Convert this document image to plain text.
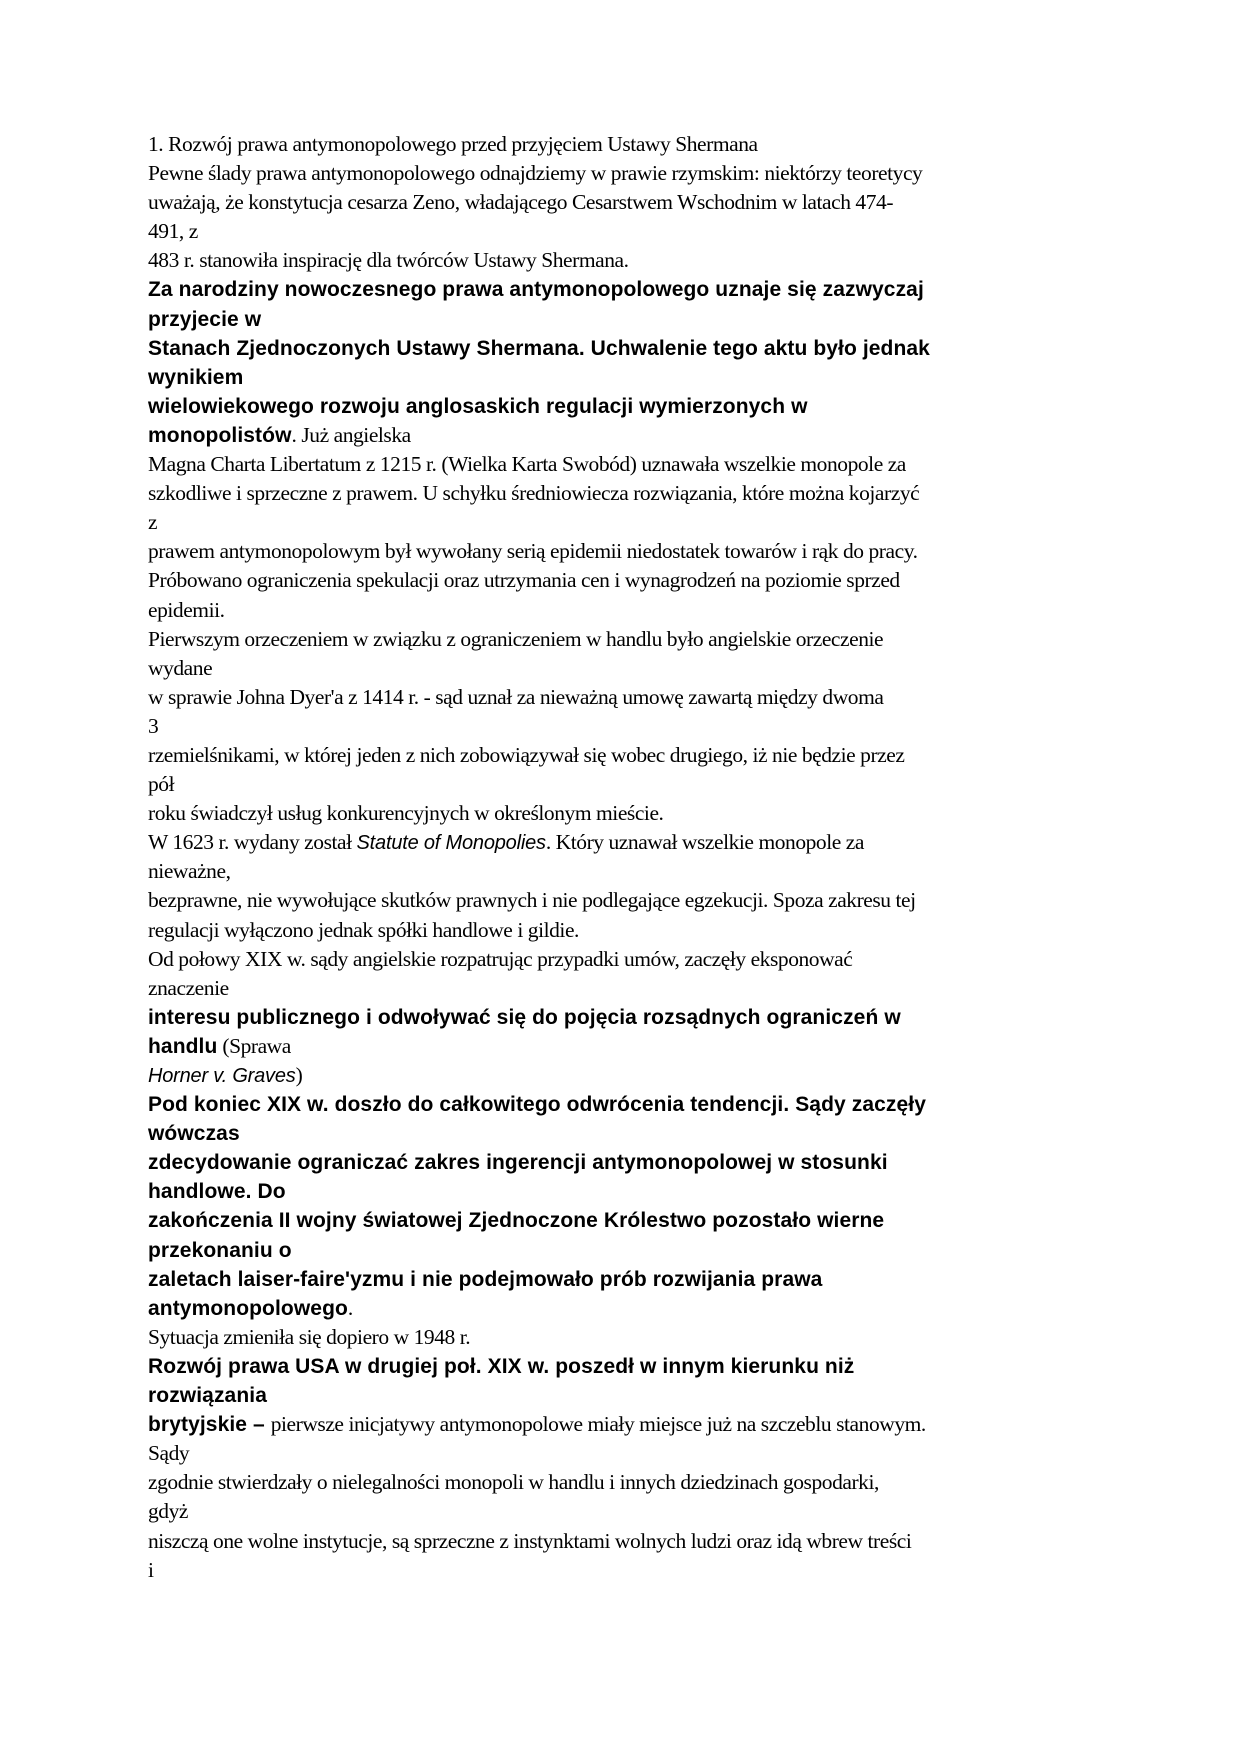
1. Rozwój prawa antymonopolowego przed przyjęciem Ustawy Shermana
Pewne ślady prawa antymonopolowego odnajdziemy w prawie rzymskim: niektórzy teoretycy
uważają, że konstytucja cesarza Zeno, władającego Cesarstwem Wschodnim w latach 474-
491, z
483 r. stanowiła inspirację dla twórców Ustawy Shermana.
Za narodziny nowoczesnego prawa antymonopolowego uznaje się zazwyczaj
przyjecie w
Stanach Zjednoczonych Ustawy Shermana. Uchwalenie tego aktu było jednak
wynikiem
wielowiekowego rozwoju anglosaskich regulacji wymierzonych w
monopolistów. Już angielska
Magna Charta Libertatum z 1215 r. (Wielka Karta Swobód) uznawała wszelkie monopole za
szkodliwe i sprzeczne z prawem. U schyłku średniowiecza rozwiązania, które można kojarzyć
z
prawem antymonopolowym był wywołany serią epidemii niedostatek towarów i rąk do pracy.
Próbowano ograniczenia spekulacji oraz utrzymania cen i wynagrodzeń na poziomie sprzed
epidemii.
Pierwszym orzeczeniem w związku z ograniczeniem w handlu było angielskie orzeczenie
wydane
w sprawie Johna Dyer'a z 1414 r. - sąd uznał za nieważną umowę zawartą między dwoma
3
rzemielśnikami, w której jeden z nich zobowiązywał się wobec drugiego, iż nie będzie przez
pół
roku świadczył usług konkurencyjnych w określonym mieście.
W 1623 r. wydany został Statute of Monopolies. Który uznawał wszelkie monopole za
nieważne,
bezprawne, nie wywołujące skutków prawnych i nie podlegające egzekucji. Spoza zakresu tej
regulacji wyłączono jednak spółki handlowe i gildie.
Od połowy XIX w. sądy angielskie rozpatrując przypadki umów, zaczęły eksponować
znaczenie
interesu publicznego i odwoływać się do pojęcia rozsądnych ograniczeń w
handlu (Sprawa
Horner v. Graves)
Pod koniec XIX w. doszło do całkowitego odwrócenia tendencji. Sądy zaczęły
wówczas
zdecydowanie ograniczać zakres ingerencji antymonopolowej w stosunki
handlowe. Do
zakończenia II wojny światowej Zjednoczone Królestwo pozostało wierne
przekonaniu o
zaletach laiser-faire'yzmu i nie podejmowało prób rozwijania prawa
antymonopolowego.
Sytuacja zmieniła się dopiero w 1948 r.
Rozwój prawa USA w drugiej poł. XIX w. poszedł w innym kierunku niż
rozwiązania
brytyjskie – pierwsze inicjatywy antymonopolowe miały miejsce już na szczeblu stanowym.
Sądy
zgodnie stwierdzały o nielegalności monopoli w handlu i innych dziedzinach gospodarki,
gdyż
niszczą one wolne instytucje, są sprzeczne z instynktami wolnych ludzi oraz idą wbrew treści
i
